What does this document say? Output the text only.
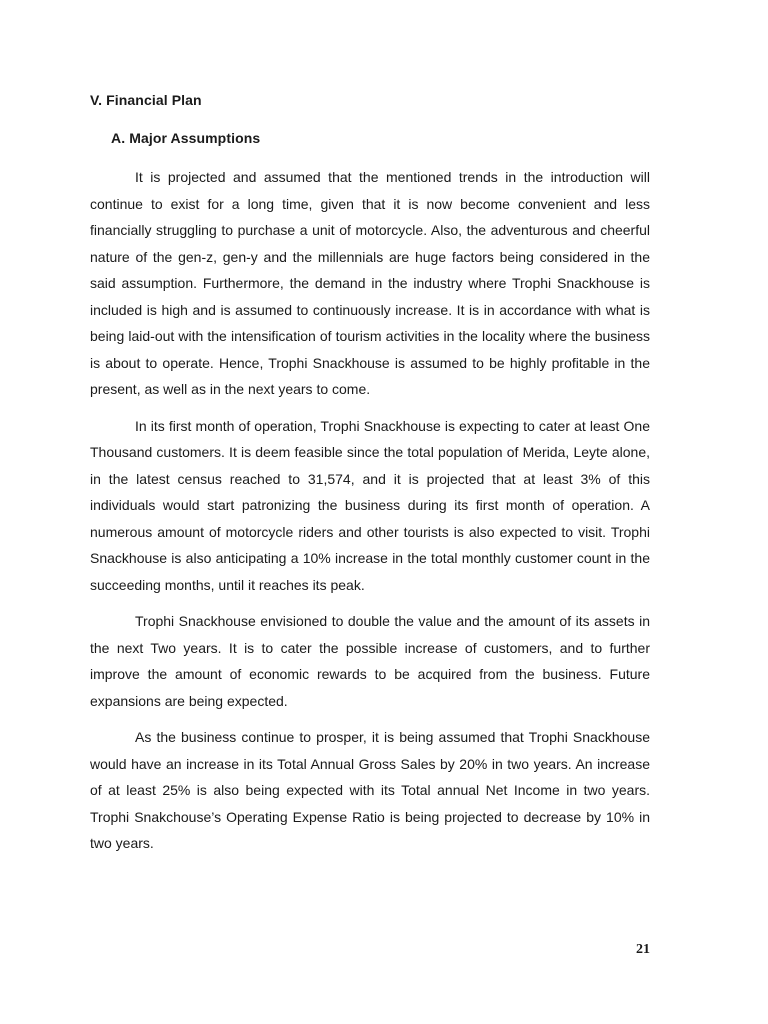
V. Financial Plan
A. Major Assumptions

It is projected and assumed that the mentioned trends in the introduction will continue to exist for a long time, given that it is now become convenient and less financially struggling to purchase a unit of motorcycle. Also, the adventurous and cheerful nature of the gen-z, gen-y and the millennials are huge factors being considered in the said assumption. Furthermore, the demand in the industry where Trophi Snackhouse is included is high and is assumed to continuously increase. It is in accordance with what is being laid-out with the intensification of tourism activities in the locality where the business is about to operate. Hence, Trophi Snackhouse is assumed to be highly profitable in the present, as well as in the next years to come.

In its first month of operation, Trophi Snackhouse is expecting to cater at least One Thousand customers. It is deem feasible since the total population of Merida, Leyte alone, in the latest census reached to 31,574, and it is projected that at least 3% of this individuals would start patronizing the business during its first month of operation. A numerous amount of motorcycle riders and other tourists is also expected to visit. Trophi Snackhouse is also anticipating a 10% increase in the total monthly customer count in the succeeding months, until it reaches its peak.

Trophi Snackhouse envisioned to double the value and the amount of its assets in the next Two years. It is to cater the possible increase of customers, and to further improve the amount of economic rewards to be acquired from the business. Future expansions are being expected.

As the business continue to prosper, it is being assumed that Trophi Snackhouse would have an increase in its Total Annual Gross Sales by 20% in two years. An increase of at least 25% is also being expected with its Total annual Net Income in two years. Trophi Snakchouse’s Operating Expense Ratio is being projected to decrease by 10% in two years.

21
